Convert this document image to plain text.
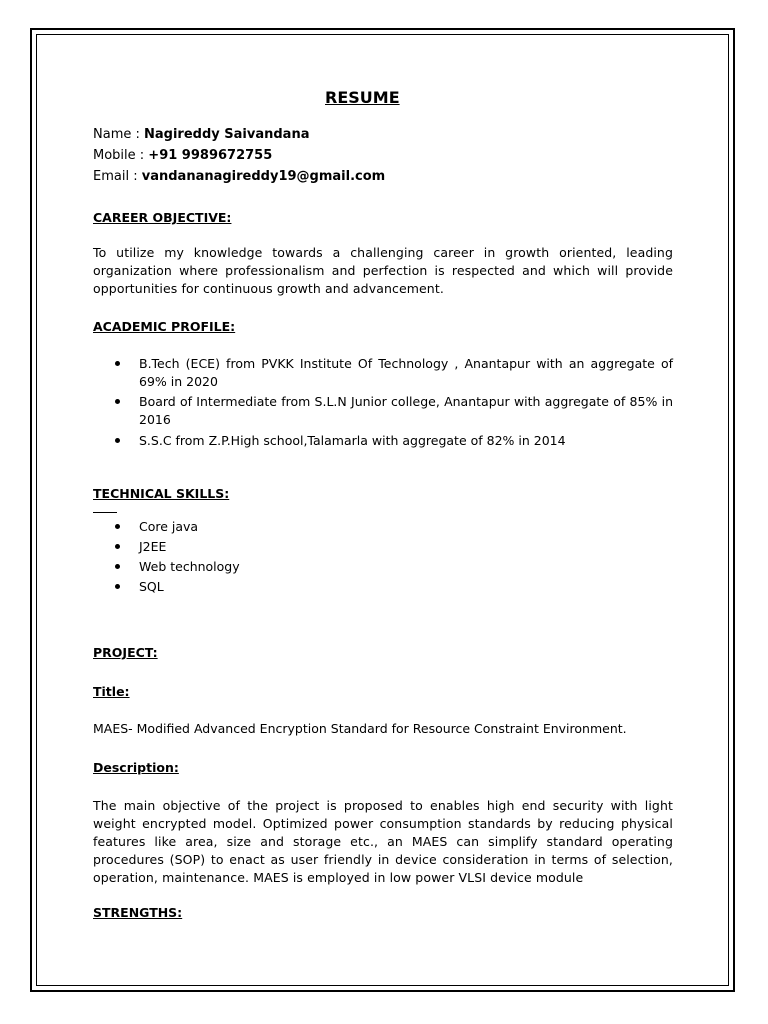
RESUME
Name : Nagireddy Saivandana
Mobile : +91 9989672755
Email : vandananagireddy19@gmail.com
CAREER OBJECTIVE:
To utilize my knowledge towards a challenging career in growth oriented, leading organization where professionalism and perfection is respected and which will provide opportunities for continuous growth and advancement.
ACADEMIC PROFILE:
B.Tech (ECE) from PVKK Institute Of Technology , Anantapur with an aggregate of 69% in 2020
Board of Intermediate from S.L.N Junior college, Anantapur with aggregate of 85% in 2016
S.S.C from Z.P.High school,Talamarla with aggregate of 82% in 2014
TECHNICAL SKILLS:
Core java
J2EE
Web technology
SQL
PROJECT:
Title:
MAES- Modified Advanced Encryption Standard for Resource Constraint Environment.
Description:
The main objective of the project is proposed to enables high end security with light weight encrypted model. Optimized power consumption standards by reducing physical features like area, size and storage etc., an MAES can simplify standard operating procedures (SOP) to enact as user friendly in device consideration in terms of selection, operation, maintenance. MAES is employed in low power VLSI device module
STRENGTHS:
